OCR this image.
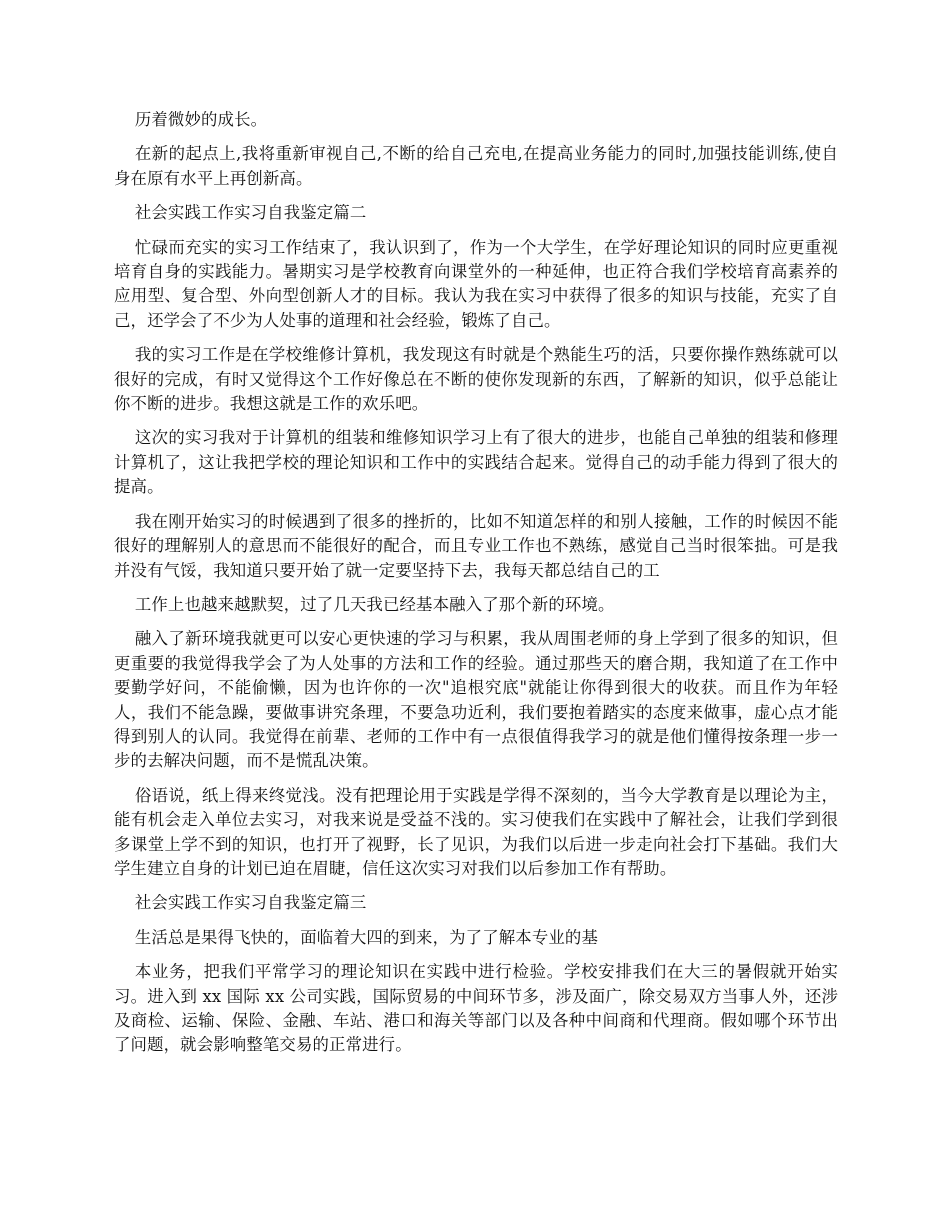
历着微妙的成长。

在新的起点上,我将重新审视自己,不断的给自己充电,在提高业务能力的同时,加强技能训练,使自身在原有水平上再创新高。

社会实践工作实习自我鉴定篇二

忙碌而充实的实习工作结束了，我认识到了，作为一个大学生，在学好理论知识的同时应更重视培育自身的实践能力。暑期实习是学校教育向课堂外的一种延伸，也正符合我们学校培育高素养的应用型、复合型、外向型创新人才的目标。我认为我在实习中获得了很多的知识与技能，充实了自己，还学会了不少为人处事的道理和社会经验，锻炼了自己。

我的实习工作是在学校维修计算机，我发现这有时就是个熟能生巧的活，只要你操作熟练就可以很好的完成，有时又觉得这个工作好像总在不断的使你发现新的东西，了解新的知识，似乎总能让你不断的进步。我想这就是工作的欢乐吧。

这次的实习我对于计算机的组装和维修知识学习上有了很大的进步，也能自己单独的组装和修理计算机了，这让我把学校的理论知识和工作中的实践结合起来。觉得自己的动手能力得到了很大的提高。

我在刚开始实习的时候遇到了很多的挫折的，比如不知道怎样的和别人接触，工作的时候因不能很好的理解别人的意思而不能很好的配合，而且专业工作也不熟练，感觉自己当时很笨拙。可是我并没有气馁，我知道只要开始了就一定要坚持下去，我每天都总结自己的工

工作上也越来越默契，过了几天我已经基本融入了那个新的环境。

融入了新环境我就更可以安心更快速的学习与积累，我从周围老师的身上学到了很多的知识，但更重要的我觉得我学会了为人处事的方法和工作的经验。通过那些天的磨合期，我知道了在工作中要勤学好问，不能偷懒，因为也许你的一次"追根究底"就能让你得到很大的收获。而且作为年轻人，我们不能急躁，要做事讲究条理，不要急功近利，我们要抱着踏实的态度来做事，虚心点才能得到别人的认同。我觉得在前辈、老师的工作中有一点很值得我学习的就是他们懂得按条理一步一步的去解决问题，而不是慌乱决策。

俗语说，纸上得来终觉浅。没有把理论用于实践是学得不深刻的，当今大学教育是以理论为主，能有机会走入单位去实习，对我来说是受益不浅的。实习使我们在实践中了解社会，让我们学到很多课堂上学不到的知识，也打开了视野，长了见识，为我们以后进一步走向社会打下基础。我们大学生建立自身的计划已迫在眉睫，信任这次实习对我们以后参加工作有帮助。

社会实践工作实习自我鉴定篇三

生活总是果得飞快的，面临着大四的到来，为了了解本专业的基

本业务，把我们平常学习的理论知识在实践中进行检验。学校安排我们在大三的暑假就开始实习。进入到 xx 国际 xx 公司实践，国际贸易的中间环节多，涉及面广，除交易双方当事人外，还涉及商检、运输、保险、金融、车站、港口和海关等部门以及各种中间商和代理商。假如哪个环节出了问题，就会影响整笔交易的正常进行。
